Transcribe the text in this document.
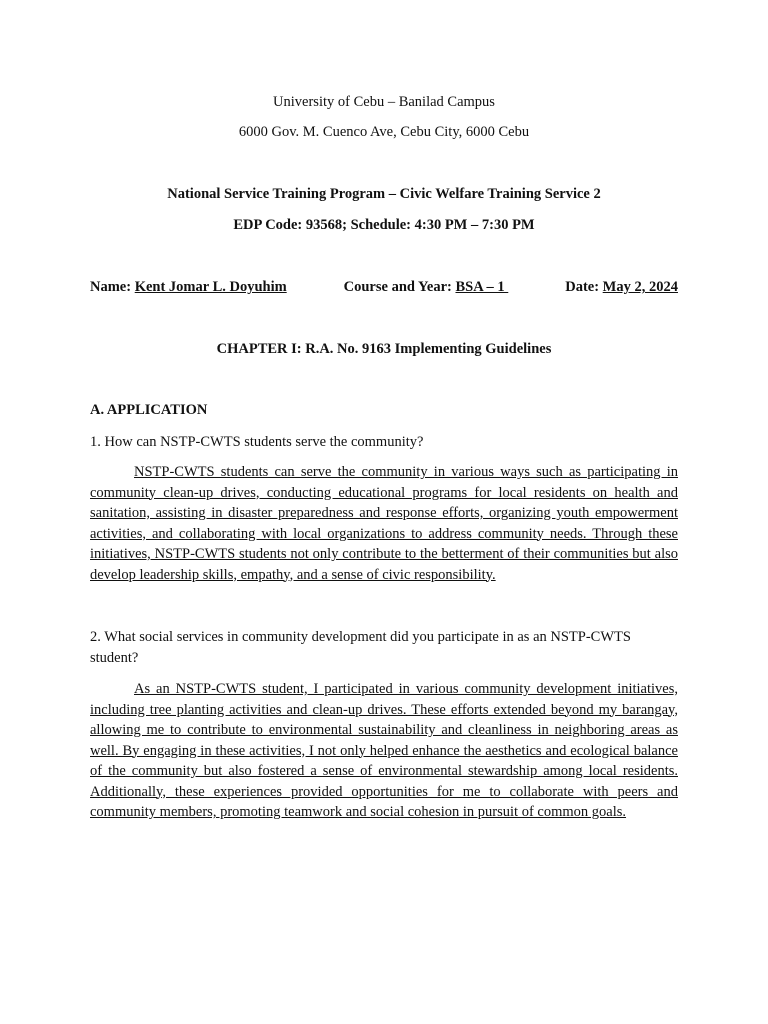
University of Cebu – Banilad Campus

6000 Gov. M. Cuenco Ave, Cebu City, 6000 Cebu

National Service Training Program – Civic Welfare Training Service 2

EDP Code: 93568; Schedule: 4:30 PM – 7:30 PM

Name: Kent Jomar L. Doyuhim	Course and Year: BSA – 1	Date: May 2, 2024

CHAPTER I: R.A. No. 9163 Implementing Guidelines

A. APPLICATION

1. How can NSTP-CWTS students serve the community?

NSTP-CWTS students can serve the community in various ways such as participating in community clean-up drives, conducting educational programs for local residents on health and sanitation, assisting in disaster preparedness and response efforts, organizing youth empowerment activities, and collaborating with local organizations to address community needs. Through these initiatives, NSTP-CWTS students not only contribute to the betterment of their communities but also develop leadership skills, empathy, and a sense of civic responsibility.

2. What social services in community development did you participate in as an NSTP-CWTS student?

As an NSTP-CWTS student, I participated in various community development initiatives, including tree planting activities and clean-up drives. These efforts extended beyond my barangay, allowing me to contribute to environmental sustainability and cleanliness in neighboring areas as well. By engaging in these activities, I not only helped enhance the aesthetics and ecological balance of the community but also fostered a sense of environmental stewardship among local residents. Additionally, these experiences provided opportunities for me to collaborate with peers and community members, promoting teamwork and social cohesion in pursuit of common goals.
